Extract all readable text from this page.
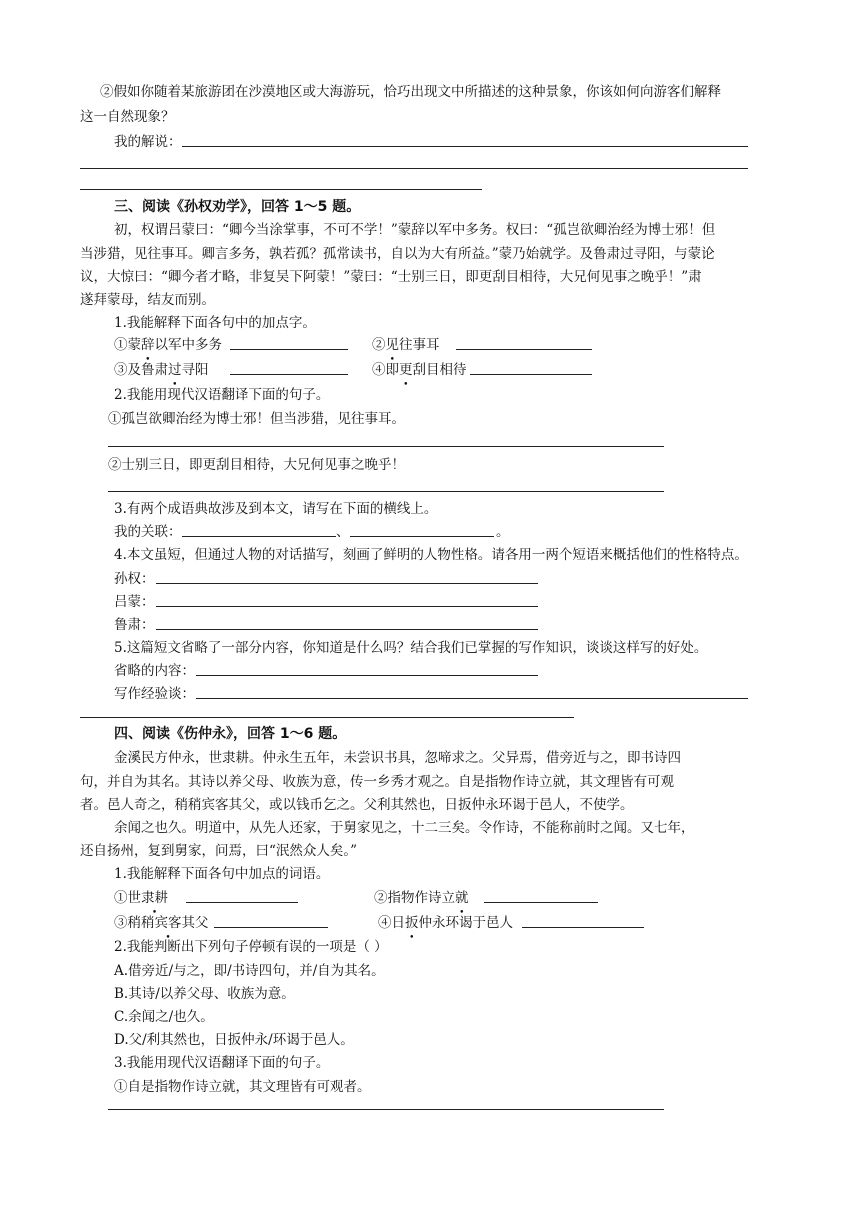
②假如你随着某旅游团在沙漠地区或大海游玩，恰巧出现文中所描述的这种景象，你该如何向游客们解释
这一自然现象？
我的解说：
三、阅读《孙权劝学》，回答 1～5 题。
初，权谓吕蒙曰：“卿今当涂掌事，不可不学！”蒙辞以军中多务。权曰：“孤岂欲卿治经为博士邪！但
当涉猎，见往事耳。卿言多务，孰若孤？孤常读书，自以为大有所益。”蒙乃始就学。及鲁肃过寻阳，与蒙论
议，大惊曰：“卿今者才略，非复吴下阿蒙！”蒙曰：“士别三日，即更刮目相待，大兄何见事之晚乎！”肃
遂拜蒙母，结友而别。
1.我能解释下面各句中的加点字。
①蒙辞以军中多务	②见往事耳
③及鲁肃过寻阳	④即更刮目相待
2.我能用现代汉语翻译下面的句子。
①孤岂欲卿治经为博士邪！但当涉猎，见往事耳。
②士别三日，即更刮目相待，大兄何见事之晚乎！
3.有两个成语典故涉及到本文，请写在下面的横线上。
我的关联：	、	。
4.本文虽短，但通过人物的对话描写，刻画了鲜明的人物性格。请各用一两个短语来概括他们的性格特点。
孙权：
吕蒙：
鲁肃：
5.这篇短文省略了一部分内容，你知道是什么吗？结合我们已掌握的写作知识，谈谈这样写的好处。
省略的内容：
写作经验谈：
四、阅读《伤仲永》，回答 1～6 题。
金溪民方仲永，世隶耕。仲永生五年，未尝识书具，忽啼求之。父异焉，借旁近与之，即书诗四
句，并自为其名。其诗以养父母、收族为意，传一乡秀才观之。自是指物作诗立就，其文理皆有可观
者。邑人奇之，稍稍宾客其父，或以钱币乞之。父利其然也，日扳仲永环谒于邑人，不使学。
余闻之也久。明道中，从先人还家，于舅家见之，十二三矣。令作诗，不能称前时之闻。又七年，
还自扬州，复到舅家，问焉，曰“泯然众人矣。”
1.我能解释下面各句中加点的词语。
①世隶耕	②指物作诗立就
③稍稍宾客其父	④日扳仲永环谒于邑人
2.我能判断出下列句子停顿有误的一项是（ ）
A.借旁近/与之，即/书诗四句，并/自为其名。
B.其诗/以养父母、收族为意。
C.余闻之/也久。
D.父/利其然也，日扳仲永/环谒于邑人。
3.我能用现代汉语翻译下面的句子。
①自是指物作诗立就，其文理皆有可观者。
